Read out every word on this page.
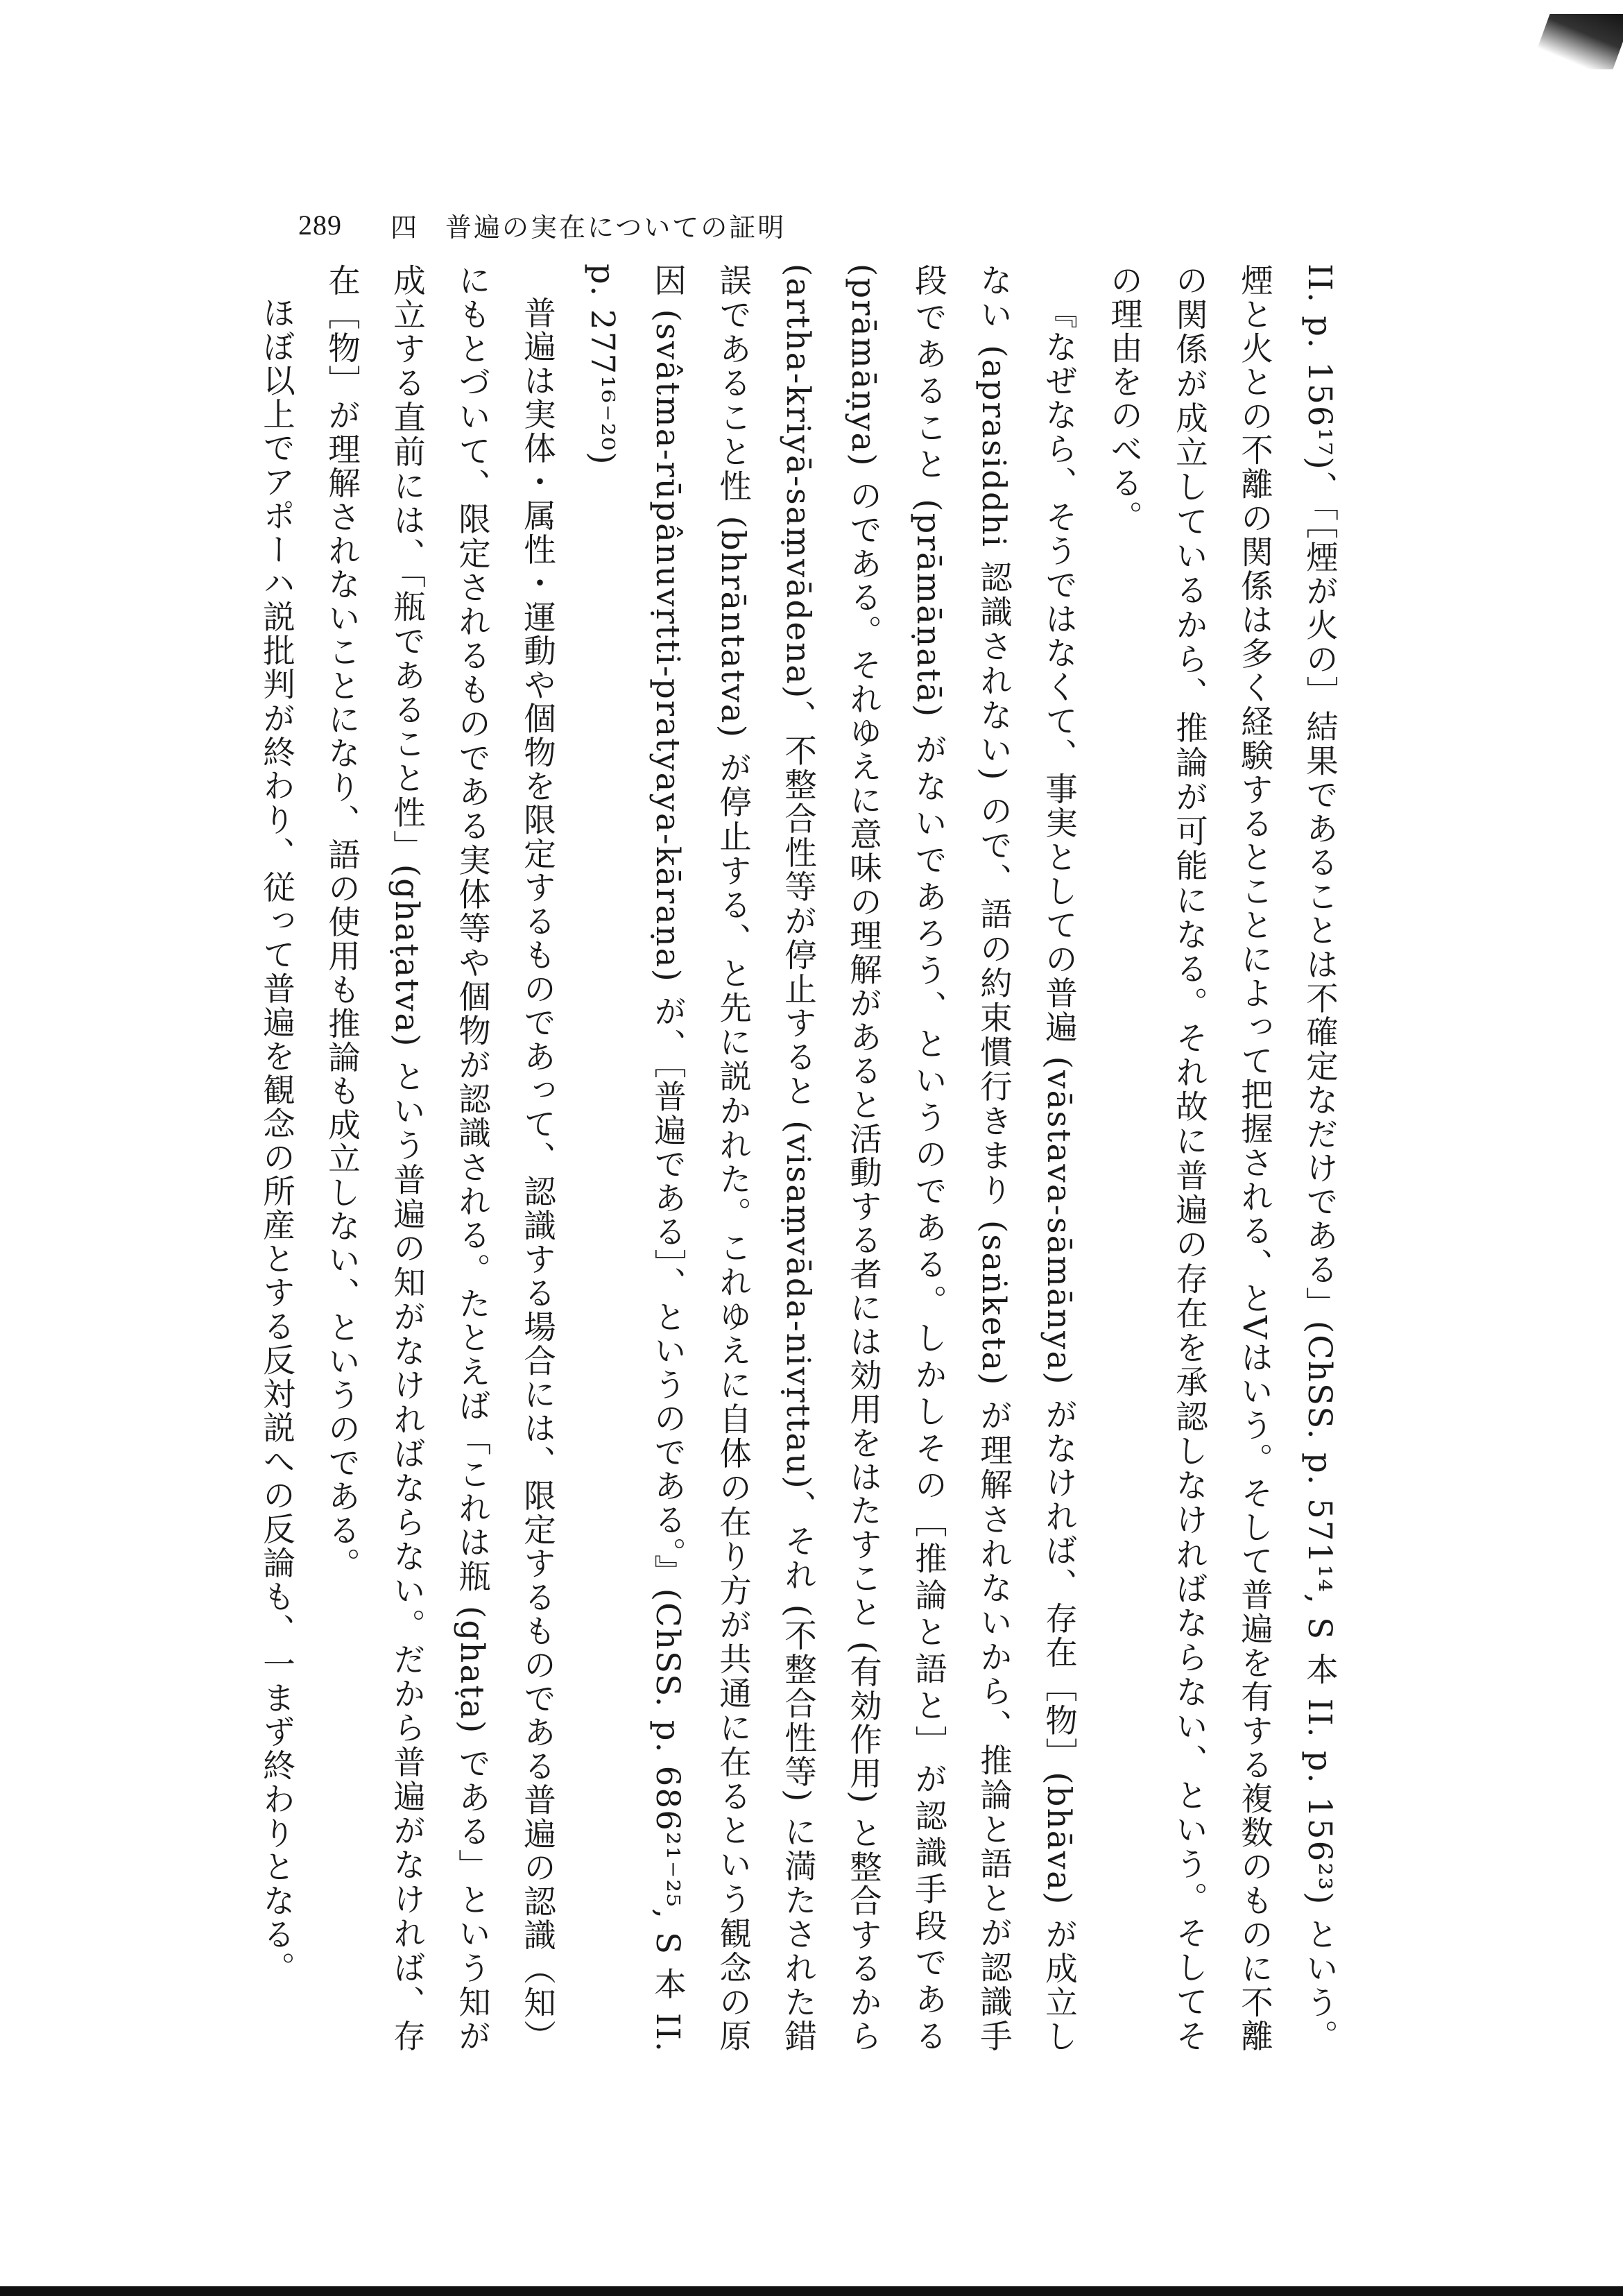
289 四 普遍の実在についての証明

II. p. 156¹⁷)、「［煙が火の］結果であることは不確定なだけである」(ChSS. p. 571¹⁴, S 本 II. p. 156²³) という。煙と火との不離の関係は多く経験するとことによって把握される、とVはいう。そして普遍を有する複数のものに不離の関係が成立しているから、推論が可能になる。それ故に普遍の存在を承認しなければならない、という。そしてその理由をのべる。

『なぜなら、そうではなくて、事実としての普遍 (vāstava-sāmānya) がなければ、存在［物］(bhāva) が成立しない (aprasiddhi 認識されない) ので、語の約束慣行きまり (saṅketa) が理解されないから、推論と語とが認識手段であること (prāmāṇatā) がないであろう、というのである。しかしその［推論と語と］が認識手段である (prāmāṇya) のである。それゆえに意味の理解があると活動する者には効用をはたすこと (有効作用) と整合するから (artha-kriyā-saṃvādena)、不整合性等が停止すると (visaṃvāda-nivṛttau)、それ (不整合性等) に満たされた錯誤であること性 (bhrāntatva) が停止する、と先に説かれた。これゆえに自体の在り方が共通に在るという観念の原因 (svâtma-rūpânuvṛtti-pratyaya-kāraṇa) が、［普遍である］、というのである。』(ChSS. p. 686²¹⁻²⁵, S 本 II. p. 277¹⁶⁻²⁰)

普遍は実体・属性・運動や個物を限定するものであって、認識する場合には、限定するものである普遍の認識（知）にもとづいて、限定されるものである実体等や個物が認識される。たとえば「これは瓶 (ghaṭa) である」という知が成立する直前には、「瓶であること性」(ghaṭatva) という普遍の知がなければならない。だから普遍がなければ、存在［物］が理解されないことになり、語の使用も推論も成立しない、というのである。

ほぼ以上でアポーハ説批判が終わり、従って普遍を観念の所産とする反対説への反論も、一まず終わりとなる。
